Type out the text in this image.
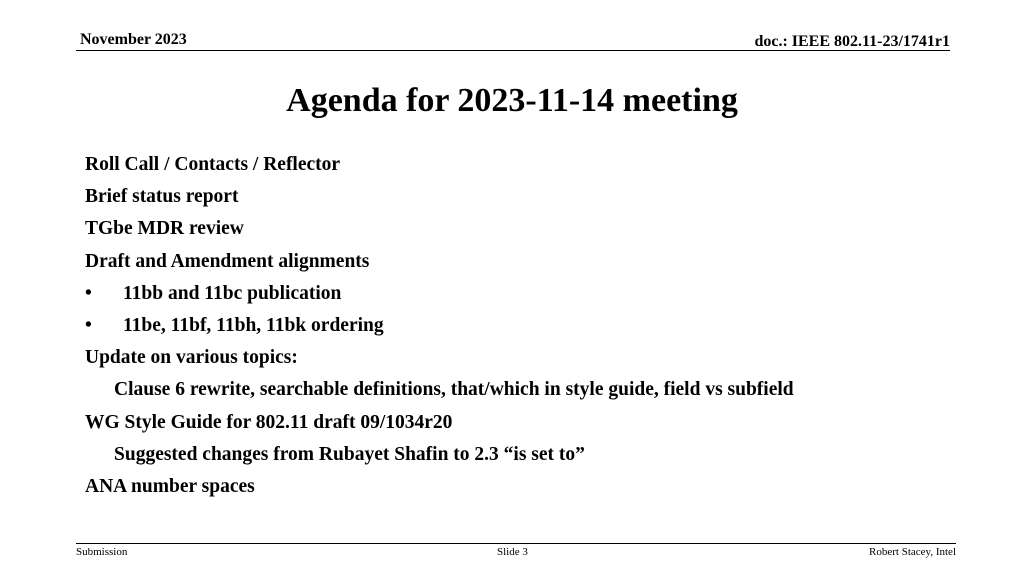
November 2023	doc.: IEEE 802.11-23/1741r1
Agenda for 2023-11-14 meeting
Roll Call / Contacts / Reflector
Brief status report
TGbe MDR review
Draft and Amendment alignments
• 11bb and 11bc publication
• 11be, 11bf, 11bh, 11bk ordering
Update on various topics:
Clause 6 rewrite, searchable definitions, that/which in style guide, field vs subfield
WG Style Guide for 802.11 draft 09/1034r20
Suggested changes from Rubayet Shafin to 2.3 “is set to”
ANA number spaces
Submission	Slide 3	Robert Stacey, Intel
